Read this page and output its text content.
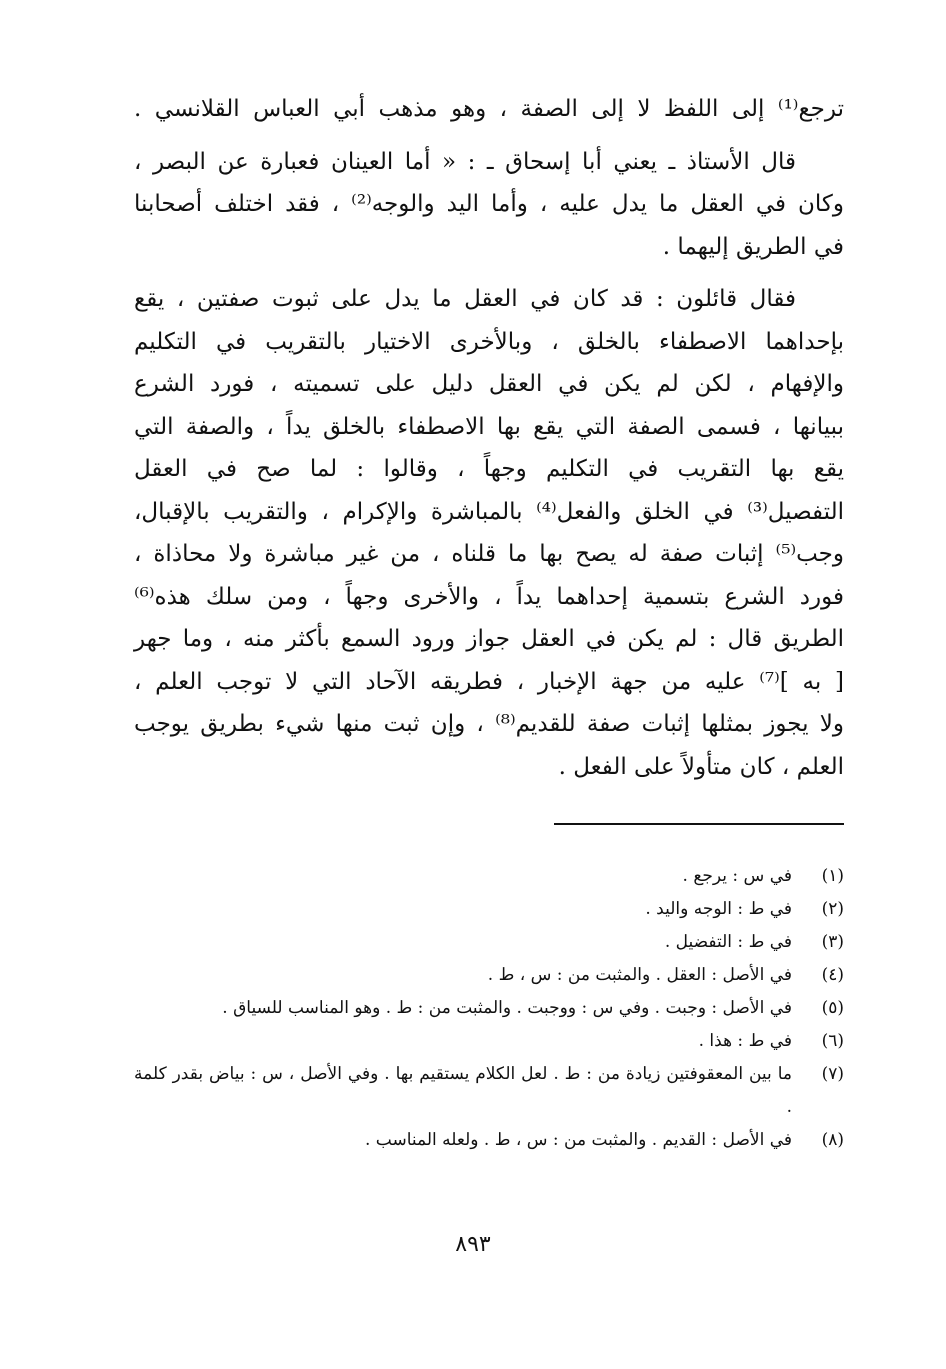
ترجع⁽¹⁾ إلى اللفظ لا إلى الصفة ، وهو مذهب أبي العباس القلانسي .
قال الأستاذ ـ يعني أبا إسحاق ـ : « أما العينان فعبارة عن البصر ،
وكان في العقل ما يدل عليه ، وأما اليد والوجه⁽²⁾ ، فقد اختلف أصحابنا
في الطريق إليهما .
فقال قائلون : قد كان في العقل ما يدل على ثبوت صفتين ، يقع
بإحداهما الاصطفاء بالخلق ، وبالأخرى الاختيار بالتقريب في التكليم
والإفهام ، لكن لم يكن في العقل دليل على تسميته ، فورد الشرع
ببيانها ، فسمى الصفة التي يقع بها الاصطفاء بالخلق يداً ، والصفة التي
يقع بها التقريب في التكليم وجهاً ، وقالوا : لما صح في العقل
التفصيل⁽³⁾ في الخلق والفعل⁽⁴⁾ بالمباشرة والإكرام ، والتقريب بالإقبال،
وجب⁽⁵⁾ إثبات صفة له يصح بها ما قلناه ، من غير مباشرة ولا محاذاة ،
فورد الشرع بتسمية إحداهما يداً ، والأخرى وجهاً ، ومن سلك هذه⁽⁶⁾
الطريق قال : لم يكن في العقل جواز ورود السمع بأكثر منه ، وما جهر
[ به ]⁽⁷⁾ عليه من جهة الإخبار ، فطريقه الآحاد التي لا توجب العلم ،
ولا يجوز بمثلها إثبات صفة للقديم⁽⁸⁾ ، وإن ثبت منها شيء بطريق يوجب
العلم ، كان متأولاً على الفعل .
(١)
في س : يرجع .
(٢)
في ط : الوجه واليد .
(٣)
في ط : التفضيل .
(٤)
في الأصل : العقل . والمثبت من : س ، ط .
(٥)
في الأصل : وجبت . وفي س : ووجبت . والمثبت من : ط . وهو المناسب للسياق .
(٦)
في ط : هذا .
(٧)
ما بين المعقوفتين زيادة من : ط . لعل الكلام يستقيم بها . وفي الأصل ، س : بياض بقدر كلمة .
(٨)
في الأصل : القديم . والمثبت من : س ، ط . ولعله المناسب .
٨٩٣
